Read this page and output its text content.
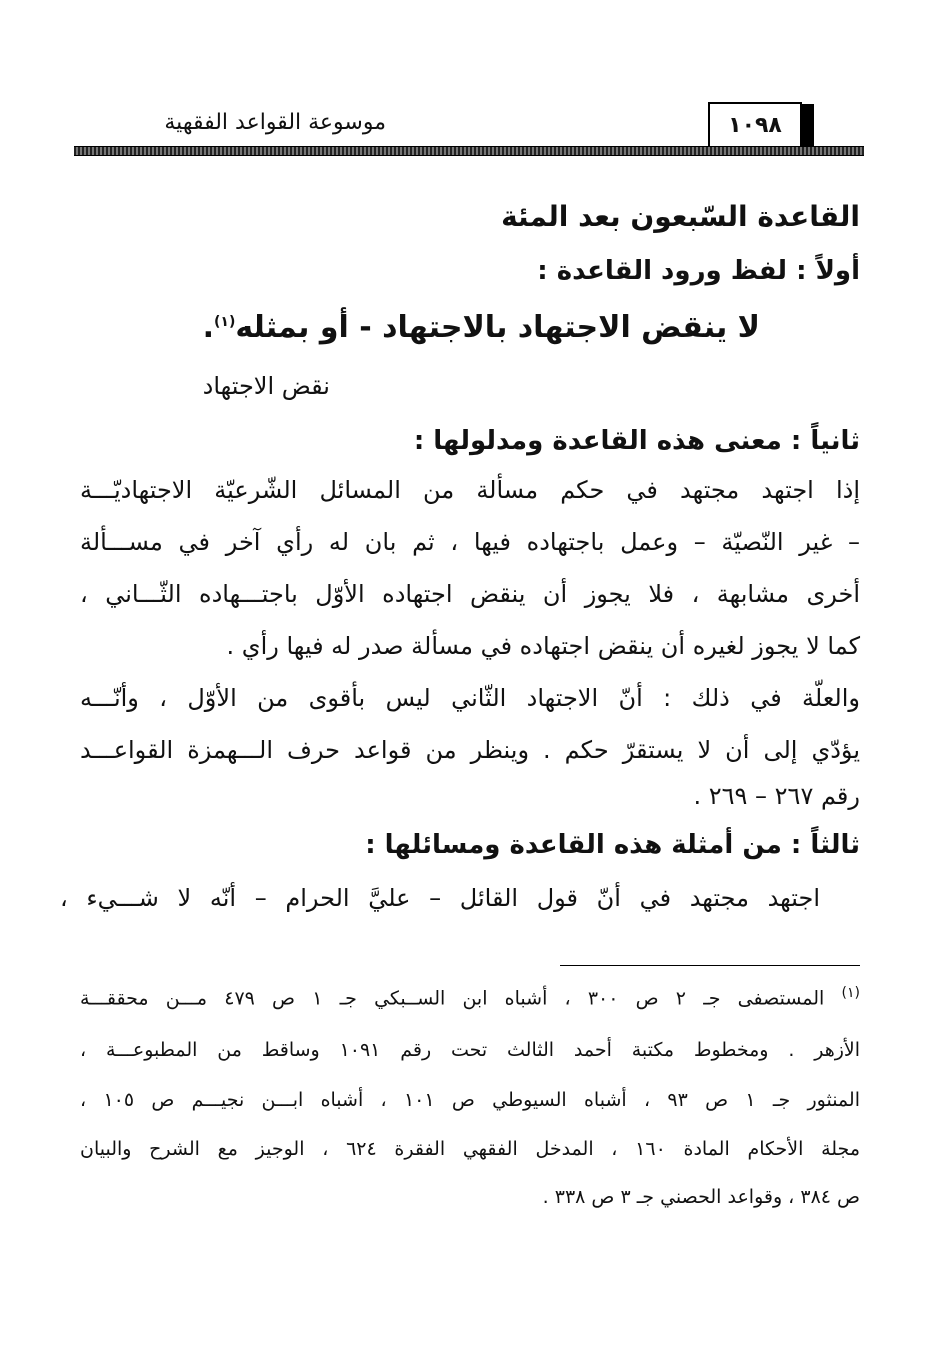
موسوعة القواعد الفقهية	١٠٩٨
القاعدة السّبعون بعد المئة
أولاً : لفظ ورود القاعدة :
لا ينقض الاجتهاد بالاجتهاد - أو بمثله$^{(١)}$.
نقض الاجتهاد
ثانياً : معنى هذه القاعدة ومدلولها :
إذا اجتهد مجتهد في حكم مسألة من المسائل الشّرعيّة الاجتهاديّـــة
– غير النّصيّة – وعمل باجتهاده فيها ، ثم بان له رأي آخر في مســـألة
أخرى مشابهة ، فلا يجوز أن ينقض اجتهاده الأوّل باجتـــهاده الثّـــاني ،
كما لا يجوز لغيره أن ينقض اجتهاده في مسألة صدر له فيها رأي .
والعلّة في ذلك : أنّ الاجتهاد الثّاني ليس بأقوى من الأوّل ، وأنّـــه
يؤدّي إلى أن لا يستقرّ حكم . وينظر من قواعد حرف الـــهمزة القواعـــد
رقم ٢٦٧ – ٢٦٩ .
ثالثاً : من أمثلة هذه القاعدة ومسائلها :
اجتهد مجتهد في أنّ قول القائل – عليَّ الحرام – أنّه لا شـــيء ،
$^{(١)}$ المستصفى جـ ٢ ص ٣٠٠ ، أشباه ابن الســبكي جـ ١ ص ٤٧٩ مـــن محققـــة
الأزهر . ومخطوط مكتبة أحمد الثالث تحت رقم ١٠٩١ وساقط من المطبوعـــة ،
المنثور جـ ١ ص ٩٣ ، أشباه السيوطي ص ١٠١ ، أشباه ابـــن نجيـــم ص ١٠٥ ،
مجلة الأحكام المادة ١٦٠ ، المدخل الفقهي الفقرة ٦٢٤ ، الوجيز مع الشرح والبيان
ص ٣٨٤ ، وقواعد الحصني جـ ٣ ص ٣٣٨ .
